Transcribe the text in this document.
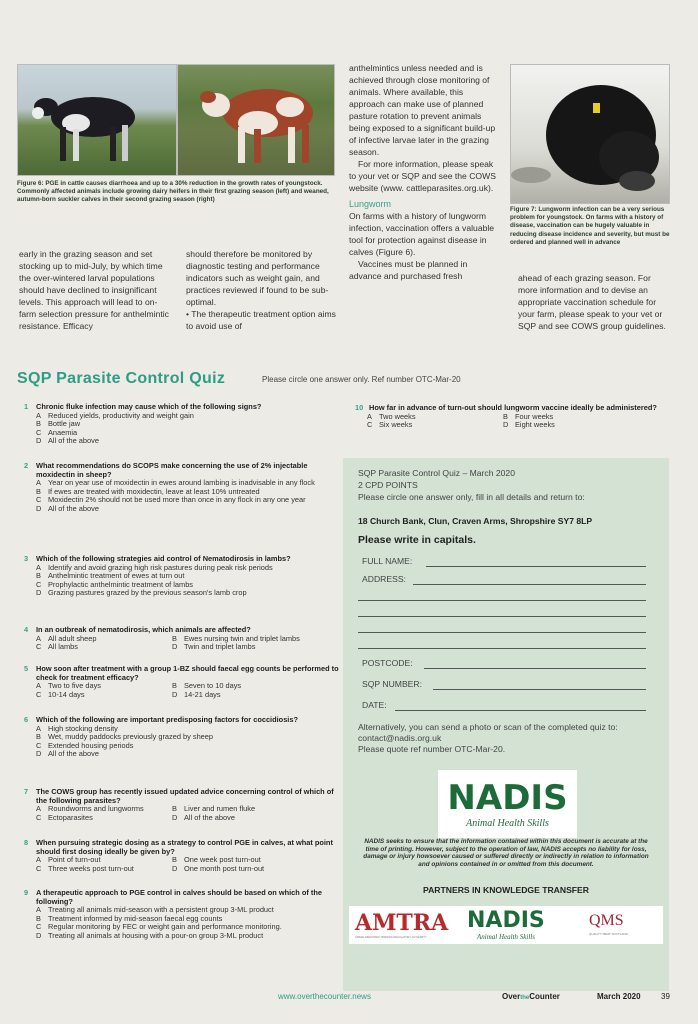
Figure 6: PGE in cattle causes diarrhoea and up to a 30% reduction in the growth rates of youngstock. Commonly affected animals include growing dairy heifers in their first grazing season (left) and weaned, autumn-born suckler calves in their second grazing season (right)
Figure 7: Lungworm infection can be a very serious problem for youngstock. On farms with a history of disease, vaccination can be hugely valuable in reducing disease incidence and severity, but must be ordered and planned well in advance
anthelmintics unless needed and is achieved through close monitoring of animals. Where available, this approach can make use of planned pasture rotation to prevent animals being exposed to a significant build-up of infective larvae later in the grazing season.
For more information, please speak to your vet or SQP and see the COWS website (www. cattleparasites.org.uk).
Lungworm
On farms with a history of lungworm infection, vaccination offers a valuable tool for protection against disease in calves (Figure 6).
Vaccines must be planned in advance and purchased fresh
early in the grazing season and set stocking up to mid-July, by which time the over-wintered larval populations should have declined to insignificant levels. This approach will lead to on-farm selection pressure for anthelmintic resistance. Efficacy
should therefore be monitored by diagnostic testing and performance indicators such as weight gain, and practices reviewed if found to be sub-optimal.
• The therapeutic treatment option aims to avoid use of
ahead of each grazing season. For more information and to devise an appropriate vaccination schedule for your farm, please speak to your vet or SQP and see COWS group guidelines.
SQP Parasite Control Quiz	Please circle one answer only. Ref number OTC-Mar-20
1	Chronic fluke infection may cause which of the following signs?
A Reduced yields, productivity and weight gain
B Bottle jaw
C Anaemia
D All of the above
2	What recommendations do SCOPS make concerning the use of 2% injectable moxidectin in sheep?
A Year on year use of moxidectin in ewes around lambing is inadvisable in any flock
B If ewes are treated with moxidectin, leave at least 10% untreated
C Moxidectin 2% should not be used more than once in any flock in any one year
D All of the above
3	Which of the following strategies aid control of Nematodirosis in lambs?
A Identify and avoid grazing high risk pastures during peak risk periods
B Anthelmintic treatment of ewes at turn out
C Prophylactic anthelmintic treatment of lambs
D Grazing pastures grazed by the previous season's lamb crop
4	In an outbreak of nematodirosis, which animals are affected?
A All adult sheep	B Ewes nursing twin and triplet lambs
C All lambs	D Twin and triplet lambs
5	How soon after treatment with a group 1-BZ should faecal egg counts be performed to check for treatment efficacy?
A Two to five days	B Seven to 10 days
C 10-14 days	D 14-21 days
6	Which of the following are important predisposing factors for coccidiosis?
A High stocking density
B Wet, muddy paddocks previously grazed by sheep
C Extended housing periods
D All of the above
7	The COWS group has recently issued updated advice concerning control of which of the following parasites?
A Roundworms and lungworms	B Liver and rumen fluke
C Ectoparasites	D All of the above
8	When pursuing strategic dosing as a strategy to control PGE in calves, at what point should first dosing ideally be given by?
A Point of turn-out	B One week post turn-out
C Three weeks post turn-out	D One month post turn-out
9	A therapeutic approach to PGE control in calves should be based on which of the following?
A Treating all animals mid-season with a persistent group 3-ML product
B Treatment informed by mid-season faecal egg counts
C Regular monitoring by FEC or weight gain and performance monitoring.
D Treating all animals at housing with a pour-on group 3-ML product
10 How far in advance of turn-out should lungworm vaccine ideally be administered?
A Two weeks	B Four weeks
C Six weeks	D Eight weeks
SQP Parasite Control Quiz – March 2020
2 CPD POINTS
Please circle one answer only, fill in all details and return to:
18 Church Bank, Clun, Craven Arms, Shropshire SY7 8LP
Please write in capitals.
FULL NAME:
ADDRESS:
POSTCODE:
SQP NUMBER:
DATE:
Alternatively, you can send a photo or scan of the completed quiz to: contact@nadis.org.uk
Please quote ref number OTC-Mar-20.
NADIS
Animal Health Skills
NADIS seeks to ensure that the information contained within this document is accurate at the time of printing. However, subject to the operation of law, NADIS accepts no liability for loss, damage or injury howsoever caused or suffered directly or indirectly in relation to information and opinions contained in or omitted from this document.
PARTNERS IN KNOWLEDGE TRANSFER
AMTRA
ANIMAL MEDICINES TRAINING REGULATORY AUTHORITY
NADIS
Animal Health Skills
QMS
QUALITY MEAT SCOTLAND
www.overthecounter.news	OvertheCounter	March 2020	39
